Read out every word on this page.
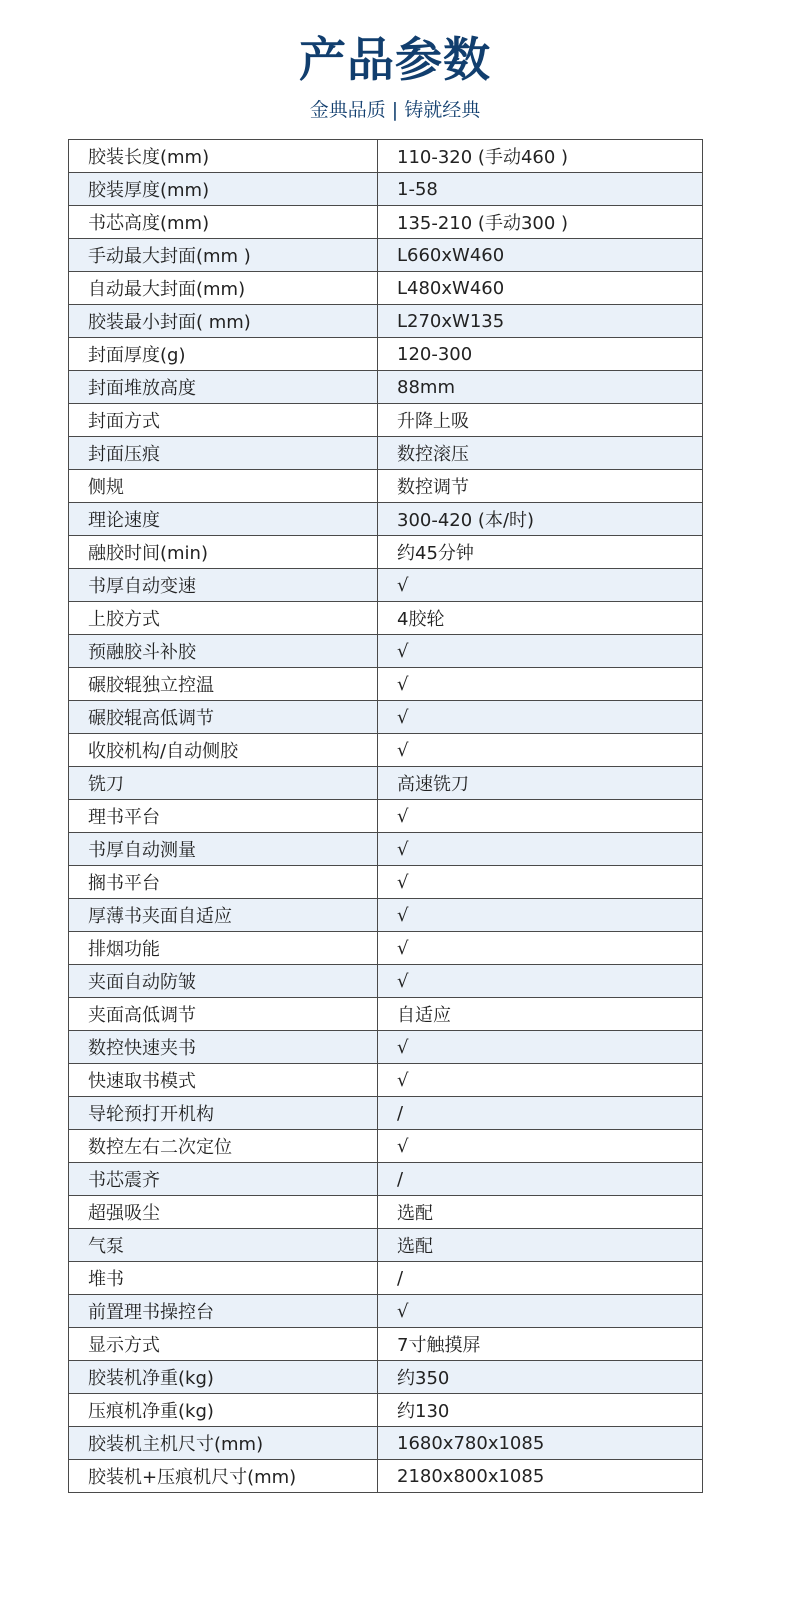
产品参数
金典品质 | 铸就经典
胶装长度(mm)	110-320 (手动460 )
胶装厚度(mm)	1-58
书芯高度(mm)	135-210 (手动300 )
手动最大封面(mm )	L660xW460
自动最大封面(mm)	L480xW460
胶装最小封面( mm)	L270xW135
封面厚度(g)	120-300
封面堆放高度	88mm
封面方式	升降上吸
封面压痕	数控滚压
侧规	数控调节
理论速度	300-420 (本/时)
融胶时间(min)	约45分钟
书厚自动变速	√
上胶方式	4胶轮
预融胶斗补胶	√
碾胶辊独立控温	√
碾胶辊高低调节	√
收胶机构/自动侧胶	√
铣刀	高速铣刀
理书平台	√
书厚自动测量	√
搁书平台	√
厚薄书夹面自适应	√
排烟功能	√
夹面自动防皱	√
夹面高低调节	自适应
数控快速夹书	√
快速取书模式	√
导轮预打开机构	/
数控左右二次定位	√
书芯震齐	/
超强吸尘	选配
气泵	选配
堆书	/
前置理书操控台	√
显示方式	7寸触摸屏
胶装机净重(kg)	约350
压痕机净重(kg)	约130
胶装机主机尺寸(mm)	1680x780x1085
胶装机+压痕机尺寸(mm)	2180x800x1085
